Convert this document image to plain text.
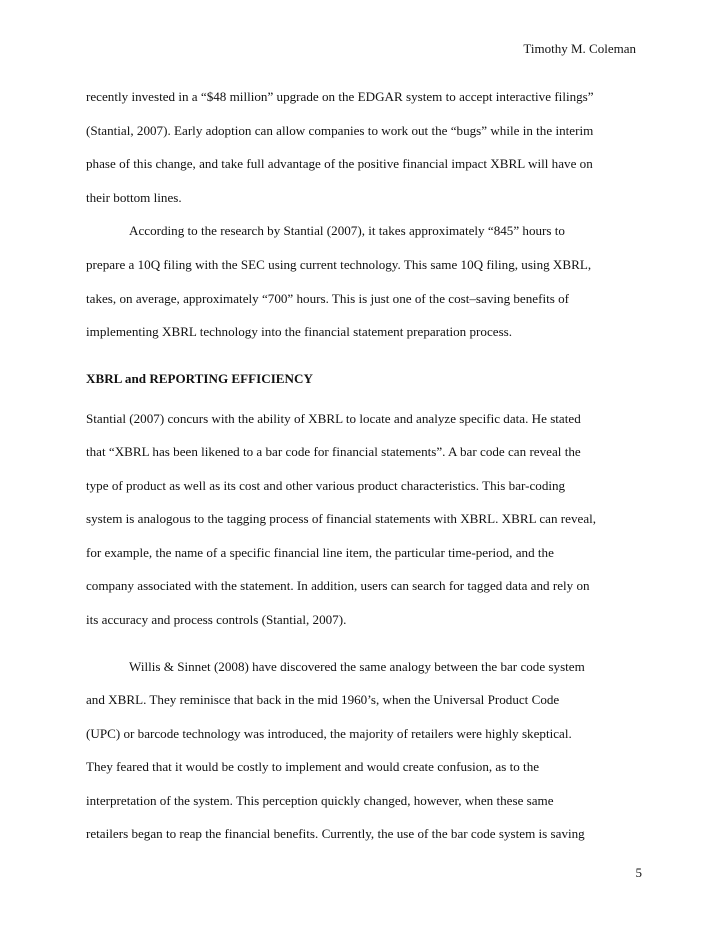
Timothy M. Coleman
recently invested in a “$48 million” upgrade on the EDGAR system to accept interactive filings”
(Stantial, 2007). Early adoption can allow companies to work out the “bugs” while in the interim
phase of this change, and take full advantage of the positive financial impact XBRL will have on
their bottom lines.
According to the research by Stantial (2007), it takes approximately “845” hours to
prepare a 10Q filing with the SEC using current technology. This same 10Q filing, using XBRL,
takes, on average, approximately “700” hours. This is just one of the cost–saving benefits of
implementing XBRL technology into the financial statement preparation process.
XBRL and REPORTING EFFICIENCY
Stantial (2007) concurs with the ability of XBRL to locate and analyze specific data. He stated
that “XBRL has been likened to a bar code for financial statements”. A bar code can reveal the
type of product as well as its cost and other various product characteristics. This bar-coding
system is analogous to the tagging process of financial statements with XBRL. XBRL can reveal,
for example, the name of a specific financial line item, the particular time-period, and the
company associated with the statement. In addition, users can search for tagged data and rely on
its accuracy and process controls (Stantial, 2007).
Willis & Sinnet (2008) have discovered the same analogy between the bar code system
and XBRL. They reminisce that back in the mid 1960’s, when the Universal Product Code
(UPC) or barcode technology was introduced, the majority of retailers were highly skeptical.
They feared that it would be costly to implement and would create confusion, as to the
interpretation of the system. This perception quickly changed, however, when these same
retailers began to reap the financial benefits. Currently, the use of the bar code system is saving
5
